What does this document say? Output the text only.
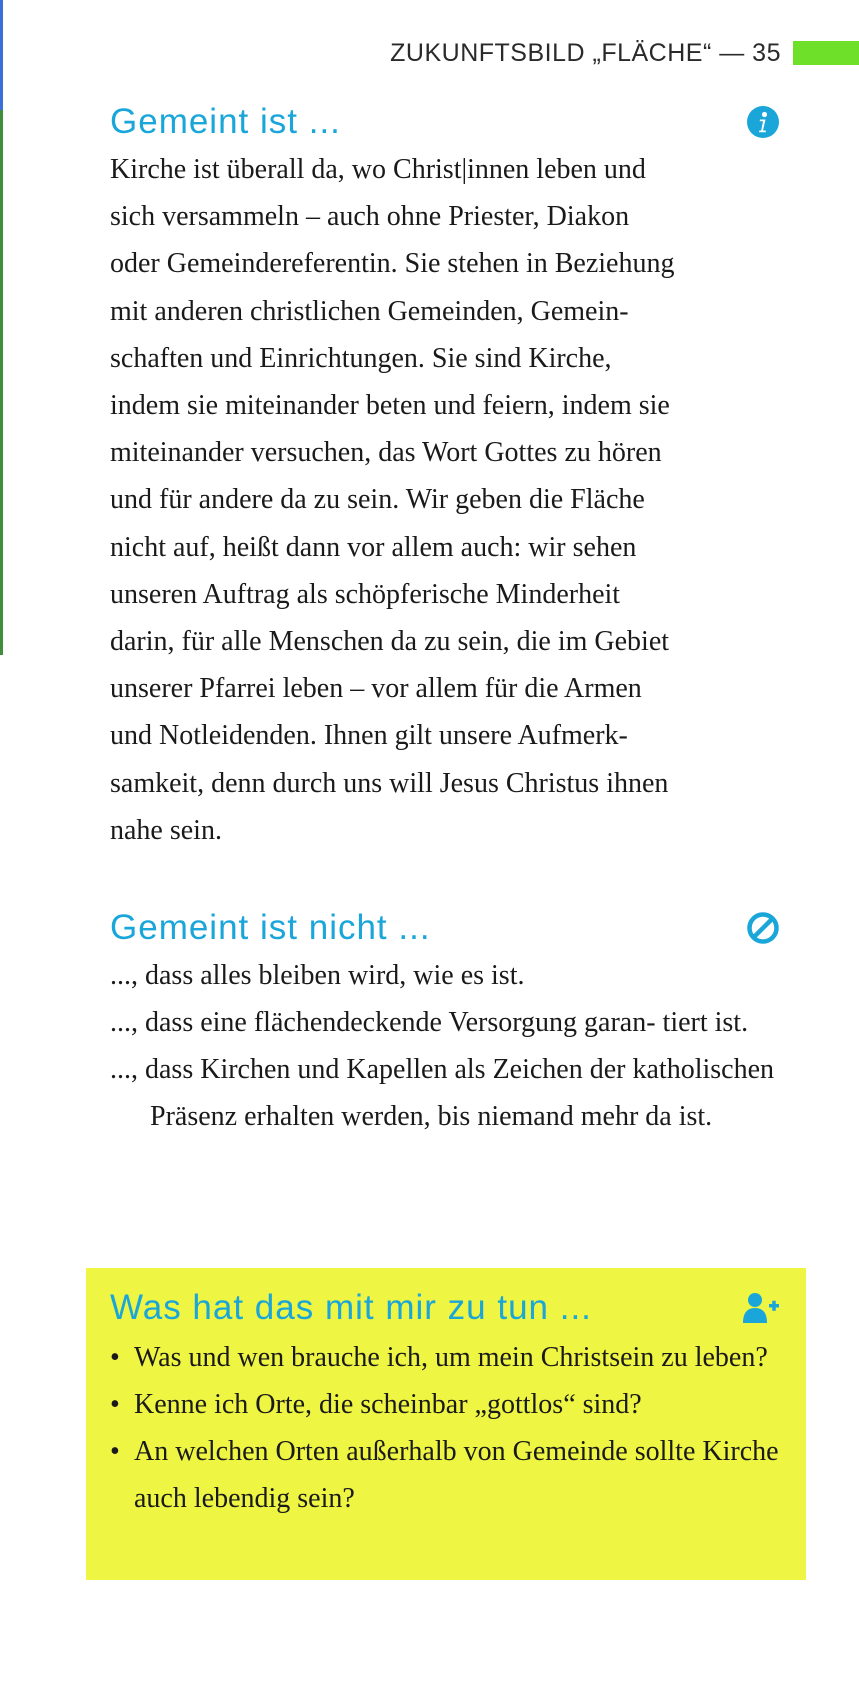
ZUKUNFTSBILD „FLÄCHE“ — 35
Gemeint ist ...

Kirche ist überall da, wo Christ|innen leben und

sich versammeln – auch ohne Priester, Diakon

oder Gemeindereferentin. Sie stehen in Beziehung

mit anderen christlichen Gemeinden, Gemein-

schaften und Einrichtungen. Sie sind Kirche,

indem sie miteinander beten und feiern, indem sie

miteinander versuchen, das Wort Gottes zu hören

und für andere da zu sein. Wir geben die Fläche

nicht auf, heißt dann vor allem auch: wir sehen

unseren Auftrag als schöpferische Minderheit

darin, für alle Menschen da zu sein, die im Gebiet

unserer Pfarrei leben – vor allem für die Armen

und Notleidenden. Ihnen gilt unsere Aufmerk-

samkeit, denn durch uns will Jesus Christus ihnen

nahe sein.

Gemeint ist nicht ...
..., dass alles bleiben wird, wie es ist.
..., dass eine flächendeckende Versorgung garan- tiert ist.
..., dass Kirchen und Kapellen als Zeichen der katholischen Präsenz erhalten werden, bis niemand mehr da ist.
Was hat das mit mir zu tun ...
• Was und wen brauche ich, um mein Christsein zu leben?
• Kenne ich Orte, die scheinbar „gottlos“ sind?
• An welchen Orten außerhalb von Gemeinde sollte Kirche auch lebendig sein?
